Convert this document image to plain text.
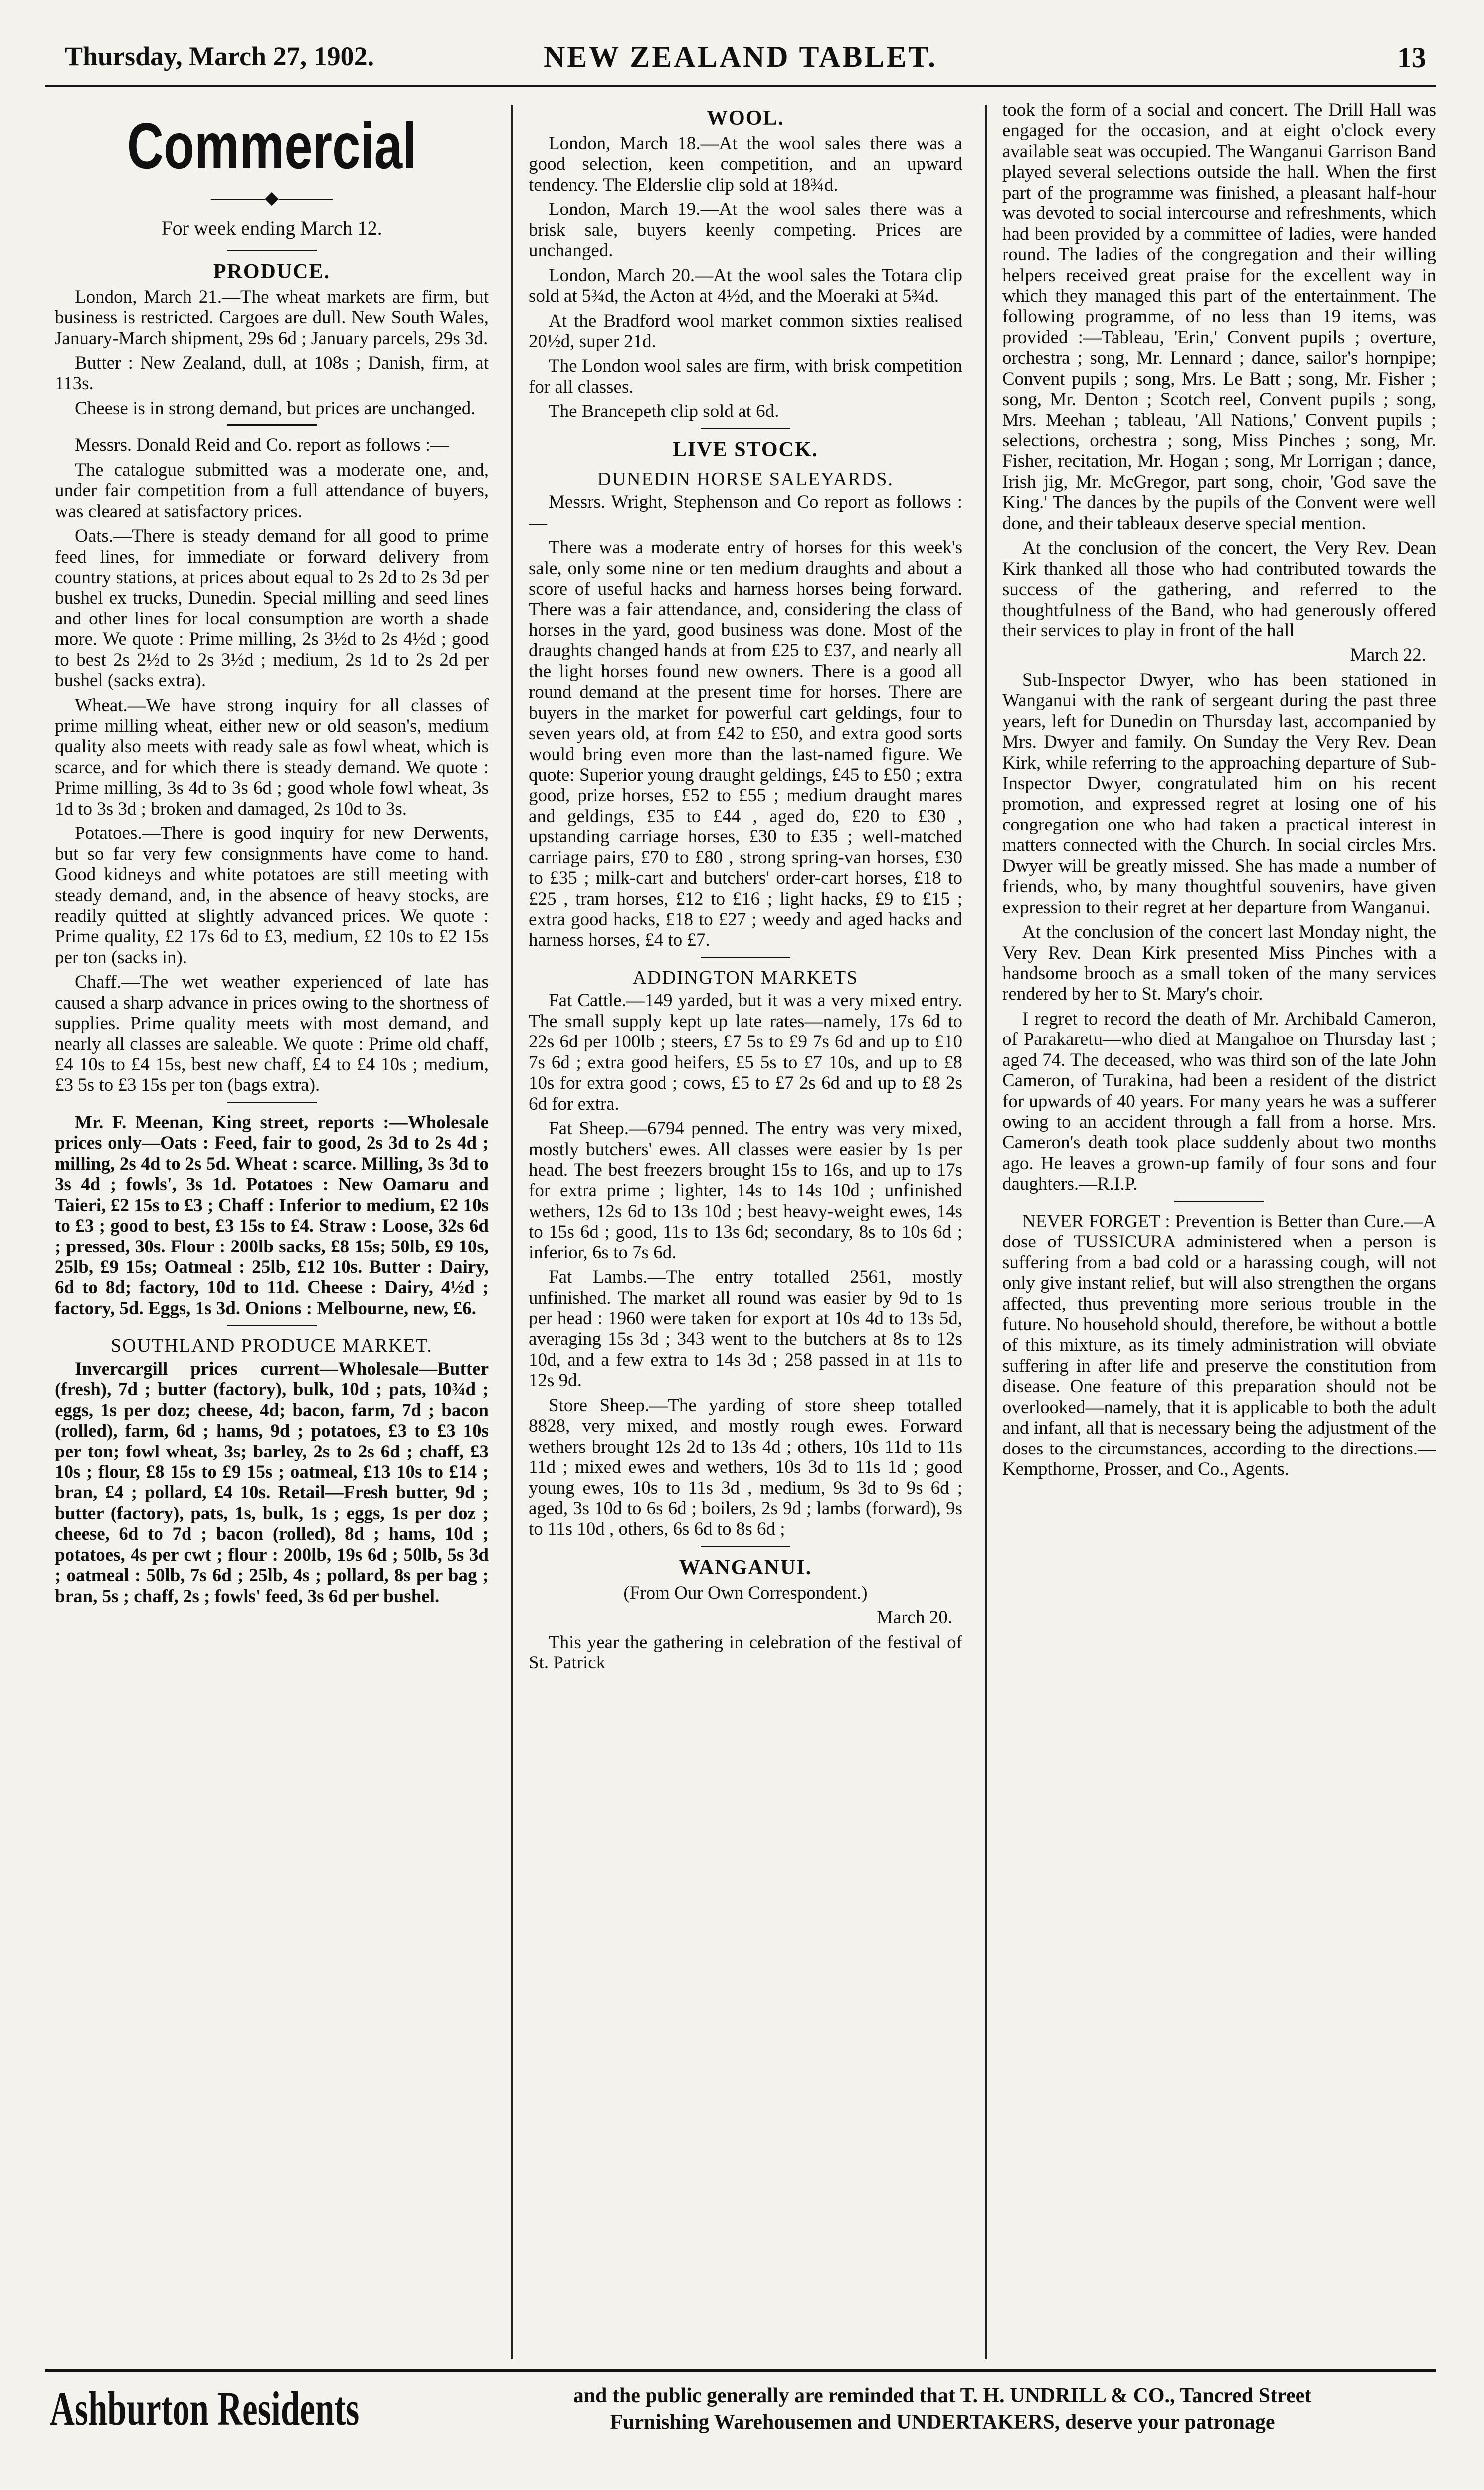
Thursday, March 27, 1902.	NEW ZEALAND TABLET.	13
Commercial
———◆———
For week ending March 12.
PRODUCE.

London, March 21.—The wheat markets are firm, but business is restricted. Cargoes are dull. New South Wales, January-March shipment, 29s 6d ; January parcels, 29s 3d.

Butter : New Zealand, dull, at 108s ; Danish, firm, at 113s.

Cheese is in strong demand, but prices are unchanged.

Messrs. Donald Reid and Co. report as follows :—

The catalogue submitted was a moderate one, and, under fair competition from a full attendance of buyers, was cleared at satisfactory prices.

Oats.—There is steady demand for all good to prime feed lines, for immediate or forward delivery from country stations, at prices about equal to 2s 2d to 2s 3d per bushel ex trucks, Dunedin. Special milling and seed lines and other lines for local consumption are worth a shade more. We quote : Prime milling, 2s 3½d to 2s 4½d ; good to best 2s 2½d to 2s 3½d ; medium, 2s 1d to 2s 2d per bushel (sacks extra).

Wheat.—We have strong inquiry for all classes of prime milling wheat, either new or old season's, medium quality also meets with ready sale as fowl wheat, which is scarce, and for which there is steady demand. We quote : Prime milling, 3s 4d to 3s 6d ; good whole fowl wheat, 3s 1d to 3s 3d ; broken and damaged, 2s 10d to 3s.

Potatoes.—There is good inquiry for new Derwents, but so far very few consignments have come to hand. Good kidneys and white potatoes are still meeting with steady demand, and, in the absence of heavy stocks, are readily quitted at slightly advanced prices. We quote : Prime quality, £2 17s 6d to £3, medium, £2 10s to £2 15s per ton (sacks in).

Chaff.—The wet weather experienced of late has caused a sharp advance in prices owing to the shortness of supplies. Prime quality meets with most demand, and nearly all classes are saleable. We quote : Prime old chaff, £4 10s to £4 15s, best new chaff, £4 to £4 10s ; medium, £3 5s to £3 15s per ton (bags extra).

Mr. F. Meenan, King street, reports :—Wholesale prices only—Oats : Feed, fair to good, 2s 3d to 2s 4d ; milling, 2s 4d to 2s 5d. Wheat : scarce. Milling, 3s 3d to 3s 4d ; fowls', 3s 1d. Potatoes : New Oamaru and Taieri, £2 15s to £3 ; Chaff : Inferior to medium, £2 10s to £3 ; good to best, £3 15s to £4. Straw : Loose, 32s 6d ; pressed, 30s. Flour : 200lb sacks, £8 15s; 50lb, £9 10s, 25lb, £9 15s; Oatmeal : 25lb, £12 10s. Butter : Dairy, 6d to 8d; factory, 10d to 11d. Cheese : Dairy, 4½d ; factory, 5d. Eggs, 1s 3d. Onions : Melbourne, new, £6.

SOUTHLAND PRODUCE MARKET.

Invercargill prices current—Wholesale—Butter (fresh), 7d ; butter (factory), bulk, 10d ; pats, 10¾d ; eggs, 1s per doz; cheese, 4d; bacon, farm, 7d ; bacon (rolled), farm, 6d ; hams, 9d ; potatoes, £3 to £3 10s per ton; fowl wheat, 3s; barley, 2s to 2s 6d ; chaff, £3 10s ; flour, £8 15s to £9 15s ; oatmeal, £13 10s to £14 ; bran, £4 ; pollard, £4 10s. Retail—Fresh butter, 9d ; butter (factory), pats, 1s, bulk, 1s ; eggs, 1s per doz ; cheese, 6d to 7d ; bacon (rolled), 8d ; hams, 10d ; potatoes, 4s per cwt ; flour : 200lb, 19s 6d ; 50lb, 5s 3d ; oatmeal : 50lb, 7s 6d ; 25lb, 4s ; pollard, 8s per bag ; bran, 5s ; chaff, 2s ; fowls' feed, 3s 6d per bushel.

WOOL.

London, March 18.—At the wool sales there was a good selection, keen competition, and an upward tendency. The Elderslie clip sold at 18¾d.

London, March 19.—At the wool sales there was a brisk sale, buyers keenly competing. Prices are unchanged.

London, March 20.—At the wool sales the Totara clip sold at 5¾d, the Acton at 4½d, and the Moeraki at 5¾d.

At the Bradford wool market common sixties realised 20½d, super 21d.

The London wool sales are firm, with brisk competition for all classes.

The Brancepeth clip sold at 6d.

LIVE STOCK.
DUNEDIN HORSE SALEYARDS.

Messrs. Wright, Stephenson and Co report as follows :—

There was a moderate entry of horses for this week's sale, only some nine or ten medium draughts and about a score of useful hacks and harness horses being forward. There was a fair attendance, and, considering the class of horses in the yard, good business was done. Most of the draughts changed hands at from £25 to £37, and nearly all the light horses found new owners. There is a good all round demand at the present time for horses. There are buyers in the market for powerful cart geldings, four to seven years old, at from £42 to £50, and extra good sorts would bring even more than the last-named figure. We quote: Superior young draught geldings, £45 to £50 ; extra good, prize horses, £52 to £55 ; medium draught mares and geldings, £35 to £44 , aged do, £20 to £30 , upstanding carriage horses, £30 to £35 ; well-matched carriage pairs, £70 to £80 , strong spring-van horses, £30 to £35 ; milk-cart and butchers' order-cart horses, £18 to £25 , tram horses, £12 to £16 ; light hacks, £9 to £15 ; extra good hacks, £18 to £27 ; weedy and aged hacks and harness horses, £4 to £7.

ADDINGTON MARKETS

Fat Cattle.—149 yarded, but it was a very mixed entry. The small supply kept up late rates—namely, 17s 6d to 22s 6d per 100lb ; steers, £7 5s to £9 7s 6d and up to £10 7s 6d ; extra good heifers, £5 5s to £7 10s, and up to £8 10s for extra good ; cows, £5 to £7 2s 6d and up to £8 2s 6d for extra.

Fat Sheep.—6794 penned. The entry was very mixed, mostly butchers' ewes. All classes were easier by 1s per head. The best freezers brought 15s to 16s, and up to 17s for extra prime ; lighter, 14s to 14s 10d ; unfinished wethers, 12s 6d to 13s 10d ; best heavy-weight ewes, 14s to 15s 6d ; good, 11s to 13s 6d; secondary, 8s to 10s 6d ; inferior, 6s to 7s 6d.

Fat Lambs.—The entry totalled 2561, mostly unfinished. The market all round was easier by 9d to 1s per head : 1960 were taken for export at 10s 4d to 13s 5d, averaging 15s 3d ; 343 went to the butchers at 8s to 12s 10d, and a few extra to 14s 3d ; 258 passed in at 11s to 12s 9d.

Store Sheep.—The yarding of store sheep totalled 8828, very mixed, and mostly rough ewes. Forward wethers brought 12s 2d to 13s 4d ; others, 10s 11d to 11s 11d ; mixed ewes and wethers, 10s 3d to 11s 1d ; good young ewes, 10s to 11s 3d , medium, 9s 3d to 9s 6d ; aged, 3s 10d to 6s 6d ; boilers, 2s 9d ; lambs (forward), 9s to 11s 10d , others, 6s 6d to 8s 6d ;

WANGANUI.

(From Our Own Correspondent.)

March 20.

This year the gathering in celebration of the festival of St. Patrick

took the form of a social and concert. The Drill Hall was engaged for the occasion, and at eight o'clock every available seat was occupied. The Wanganui Garrison Band played several selections outside the hall. When the first part of the programme was finished, a pleasant half-hour was devoted to social intercourse and refreshments, which had been provided by a committee of ladies, were handed round. The ladies of the congregation and their willing helpers received great praise for the excellent way in which they managed this part of the entertainment. The following programme, of no less than 19 items, was provided :—Tableau, 'Erin,' Convent pupils ; overture, orchestra ; song, Mr. Lennard ; dance, sailor's hornpipe; Convent pupils ; song, Mrs. Le Batt ; song, Mr. Fisher ; song, Mr. Denton ; Scotch reel, Convent pupils ; song, Mrs. Meehan ; tableau, 'All Nations,' Convent pupils ; selections, orchestra ; song, Miss Pinches ; song, Mr. Fisher, recitation, Mr. Hogan ; song, Mr Lorrigan ; dance, Irish jig, Mr. McGregor, part song, choir, 'God save the King.' The dances by the pupils of the Convent were well done, and their tableaux deserve special mention.

At the conclusion of the concert, the Very Rev. Dean Kirk thanked all those who had contributed towards the success of the gathering, and referred to the thoughtfulness of the Band, who had generously offered their services to play in front of the hall

March 22.

Sub-Inspector Dwyer, who has been stationed in Wanganui with the rank of sergeant during the past three years, left for Dunedin on Thursday last, accompanied by Mrs. Dwyer and family. On Sunday the Very Rev. Dean Kirk, while referring to the approaching departure of Sub-Inspector Dwyer, congratulated him on his recent promotion, and expressed regret at losing one of his congregation one who had taken a practical interest in matters connected with the Church. In social circles Mrs. Dwyer will be greatly missed. She has made a number of friends, who, by many thoughtful souvenirs, have given expression to their regret at her departure from Wanganui.

At the conclusion of the concert last Monday night, the Very Rev. Dean Kirk presented Miss Pinches with a handsome brooch as a small token of the many services rendered by her to St. Mary's choir.

I regret to record the death of Mr. Archibald Cameron, of Parakaretu—who died at Mangahoe on Thursday last ; aged 74. The deceased, who was third son of the late John Cameron, of Turakina, had been a resident of the district for upwards of 40 years. For many years he was a sufferer owing to an accident through a fall from a horse. Mrs. Cameron's death took place suddenly about two months ago. He leaves a grown-up family of four sons and four daughters.—R.I.P.

NEVER FORGET : Prevention is Better than Cure.—A dose of TUSSICURA administered when a person is suffering from a bad cold or a harassing cough, will not only give instant relief, but will also strengthen the organs affected, thus preventing more serious trouble in the future. No household should, therefore, be without a bottle of this mixture, as its timely administration will obviate suffering in after life and preserve the constitution from disease. One feature of this preparation should not be overlooked—namely, that it is applicable to both the adult and infant, all that is necessary being the adjustment of the doses to the circumstances, according to the directions.—Kempthorne, Prosser, and Co., Agents.

Ashburton Residents	and the public generally are reminded that T. H. UNDRILL & CO., Tancred Street
Furnishing Warehousemen and UNDERTAKERS, deserve your patronage
